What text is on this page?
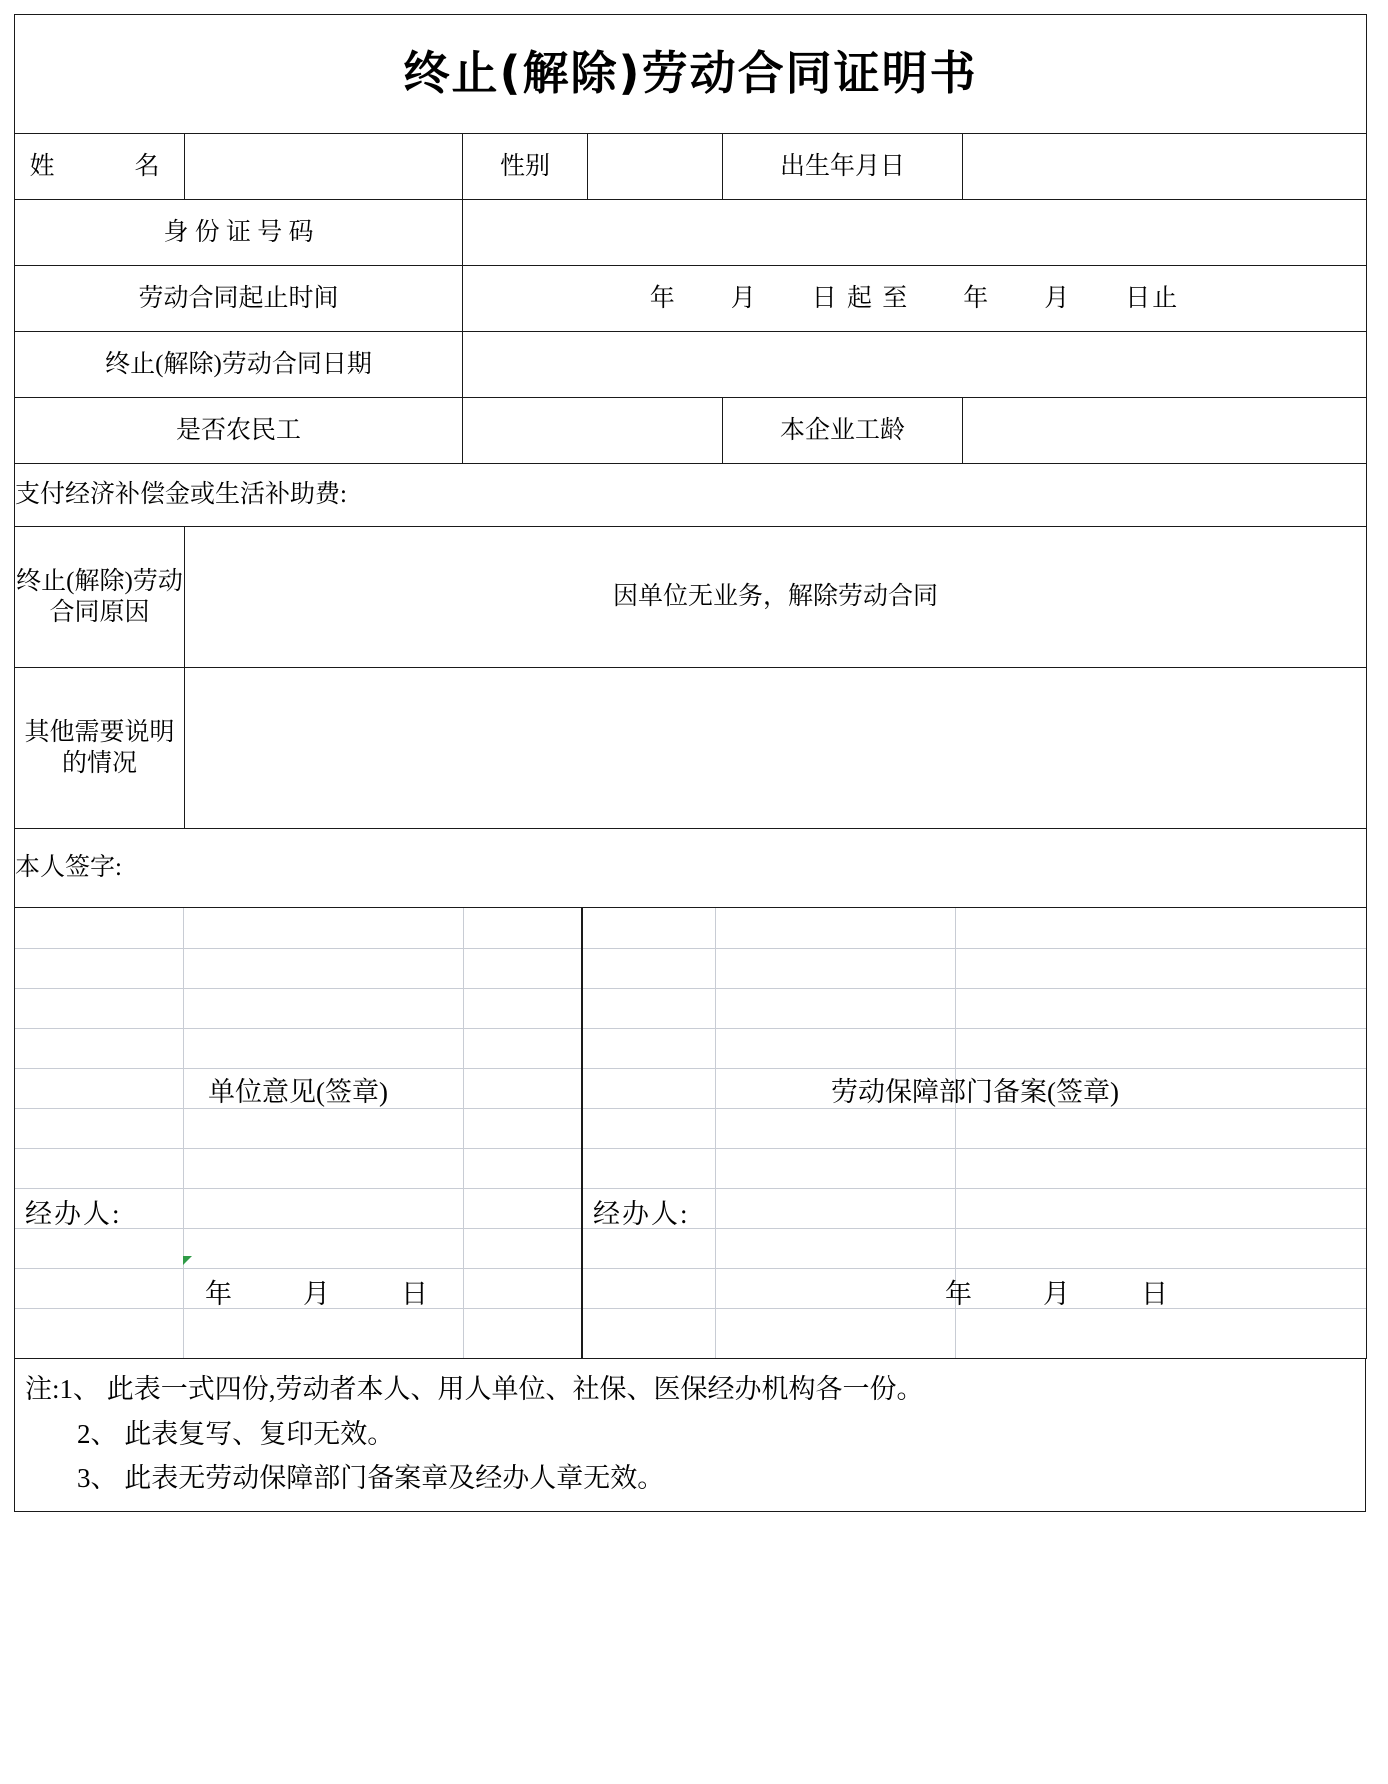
终止(解除)劳动合同证明书					
姓　　名		性别		出生年月日	
身 份 证 号 码					
劳动合同起止时间		年　　月　　日 起 至　　年　　月　　日止			
终止(解除)劳动合同日期					
是否农民工				本企业工龄	
支付经济补偿金或生活补助费:					
终止(解除)劳动合同原因	因单位无业务，解除劳动合同				
其他需要说明的情况					
本人签字:					

单位意见(签章)	劳动保障部门备案(签章)
经办人:	经办人:
年　月　日	年　月　日
注:1、 此表一式四份,劳动者本人、用人单位、社保、医保经办机构各一份。
2、 此表复写、复印无效。
3、 此表无劳动保障部门备案章及经办人章无效。
